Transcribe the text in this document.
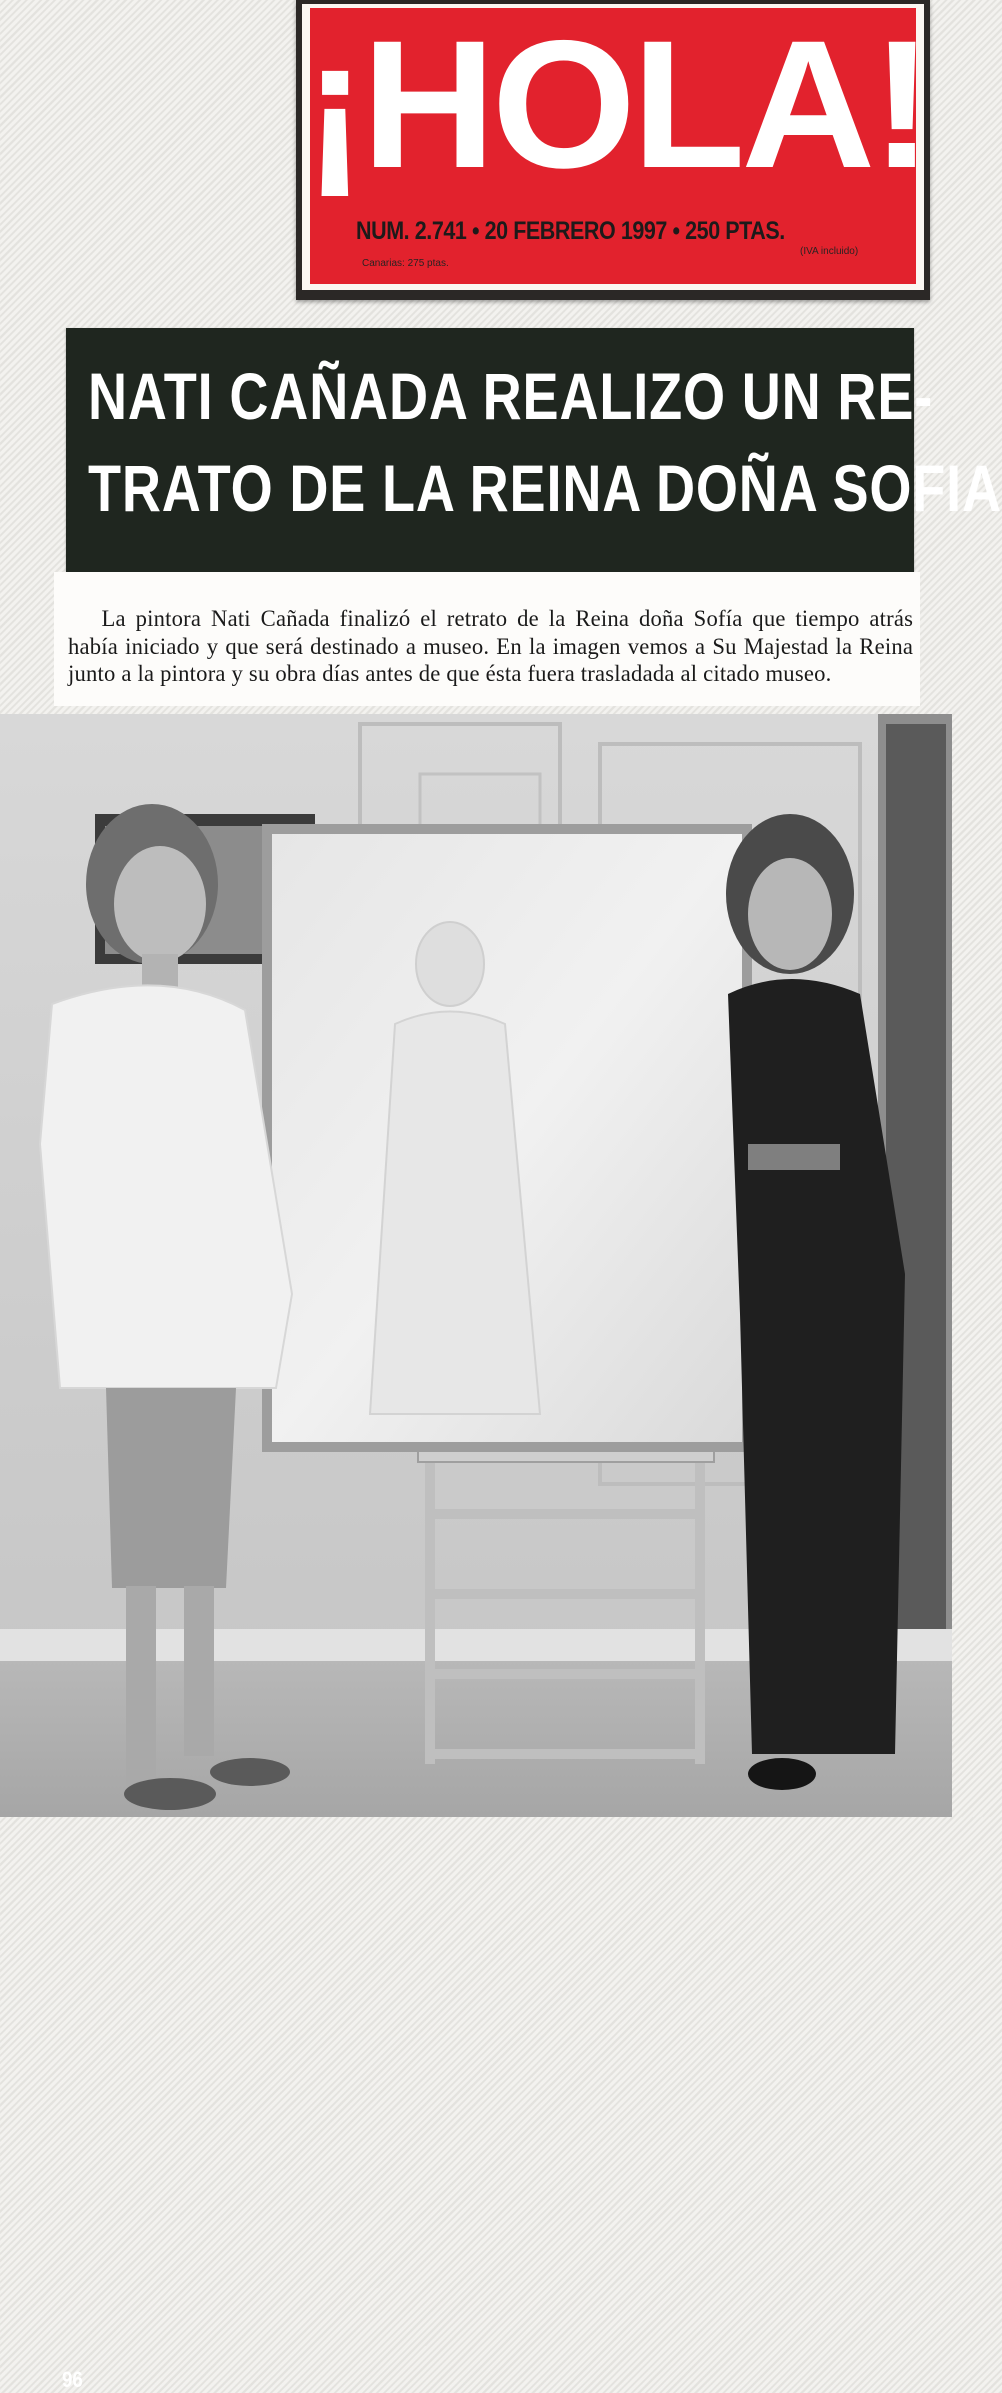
¡HOLA!
NUM. 2.741 • 20 FEBRERO 1997 • 250 PTAS.
Canarias: 275 ptas.
(IVA incluido)
NATI CAÑADA REALIZO UN RE-
TRATO DE LA REINA DOÑA SOFIA

La pintora Nati Cañada finalizó el retrato de la Reina doña Sofía que tiempo atrás había iniciado y que será destinado a museo. En la imagen vemos a Su Majestad la Reina junto a la pintora y su obra días antes de que ésta fuera trasladada al citado museo.

96
